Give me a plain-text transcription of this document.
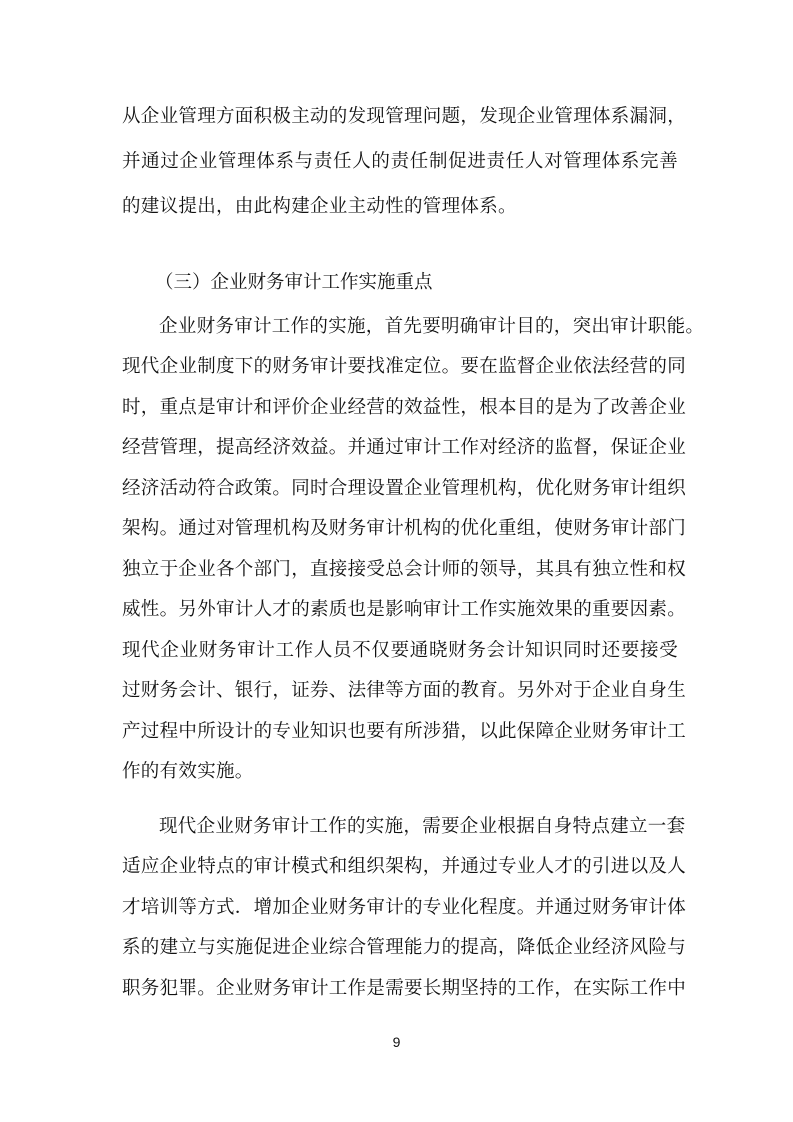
从企业管理方面积极主动的发现管理问题，发现企业管理体系漏洞，
并通过企业管理体系与责任人的责任制促进责任人对管理体系完善
的建议提出，由此构建企业主动性的管理体系。
（三）企业财务审计工作实施重点
企业财务审计工作的实施，首先要明确审计目的，突出审计职能。
现代企业制度下的财务审计要找准定位。要在监督企业依法经营的同
时，重点是审计和评价企业经营的效益性，根本目的是为了改善企业
经营管理，提高经济效益。并通过审计工作对经济的监督，保证企业
经济活动符合政策。同时合理设置企业管理机构，优化财务审计组织
架构。通过对管理机构及财务审计机构的优化重组，使财务审计部门
独立于企业各个部门，直接接受总会计师的领导，其具有独立性和权
威性。另外审计人才的素质也是影响审计工作实施效果的重要因素。
现代企业财务审计工作人员不仅要通晓财务会计知识同时还要接受
过财务会计、银行，证券、法律等方面的教育。另外对于企业自身生
产过程中所设计的专业知识也要有所涉猎，以此保障企业财务审计工
作的有效实施。
现代企业财务审计工作的实施，需要企业根据自身特点建立一套
适应企业特点的审计模式和组织架构，并通过专业人才的引进以及人
才培训等方式．增加企业财务审计的专业化程度。并通过财务审计体
系的建立与实施促进企业综合管理能力的提高，降低企业经济风险与
职务犯罪。企业财务审计工作是需要长期坚持的工作，在实际工作中
9
